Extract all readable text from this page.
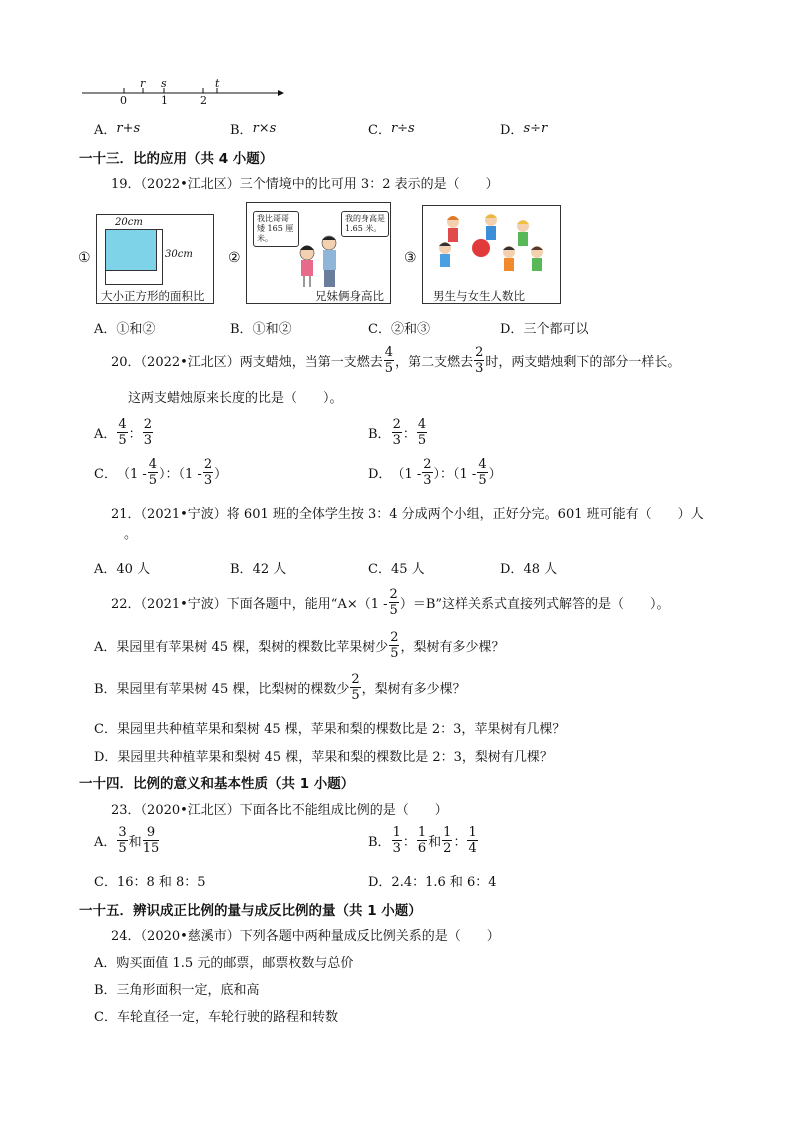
r s	t
0	1	2
A． r+s	B． r×s	C． r÷s	D． s÷r
一十三．比的应用（共 4 小题）
19．（2022•江北区）三个情境中的比可用 3：2 表示的是（　　）
①
20cm
30cm
大小正方形的面积比
②
我比哥哥矮 165 厘米。
我的身高是 1.65 米。
兄妹俩身高比
③
男生与女生人数比
A． ①和②	B． ①和②	C． ②和③	D． 三个都可以
20．（2022•江北区）两支蜡烛，当第一支燃去 $\frac{4}{5}$ ，第二支燃去 $\frac{2}{3}$ 时，两支蜡烛剩下的部分一样长。
这两支蜡烛原来长度的比是（　　）。
A． $\frac{4}{5}$ ： $\frac{2}{3}$	B． $\frac{2}{3}$ ： $\frac{4}{5}$
C． （$1 - \frac{4}{5}$ ）：（$1 - \frac{2}{3}$ ）	D． （$1 - \frac{2}{3}$ ）：（$1 - \frac{4}{5}$ ）
21．（2021•宁波）将 601 班的全体学生按 3：4 分成两个小组，正好分完。601 班可能有（　　）人
。
A． 40 人	B． 42 人	C． 45 人	D． 48 人
22．（2021•宁波）下面各题中，能用“$A\times(1 - \frac{2}{5} )=B$”这样关系式直接列式解答的是（　　）。
A．果园里有苹果树 45 棵，梨树的棵数比苹果树少 $\frac{2}{5}$ ，梨树有多少棵？
B．果园里有苹果树 45 棵，比梨树的棵数少 $\frac{2}{5}$ ，梨树有多少棵？
C．果园里共种植苹果和梨树 45 棵，苹果和梨的棵数比是 2：3，苹果树有几棵？
D．果园里共种植苹果和梨树 45 棵，苹果和梨的棵数比是 2：3，梨树有几棵？
一十四．比例的意义和基本性质（共 1 小题）
23．（2020•江北区）下面各比不能组成比例的是（　　）
A． $\frac{3}{5}$ 和 $\frac{9}{15}$	B． $\frac{1}{3}$ ： $\frac{1}{6}$ 和 $\frac{1}{2}$ ： $\frac{1}{4}$
C．16：8 和 8：5	D．2.4：1.6 和 6：4
一十五．辨识成正比例的量与成反比例的量（共 1 小题）
24．（2020•慈溪市）下列各题中两种量成反比例关系的是（　　）
A．购买面值 1.5 元的邮票，邮票枚数与总价
B．三角形面积一定，底和高
C．车轮直径一定，车轮行驶的路程和转数
